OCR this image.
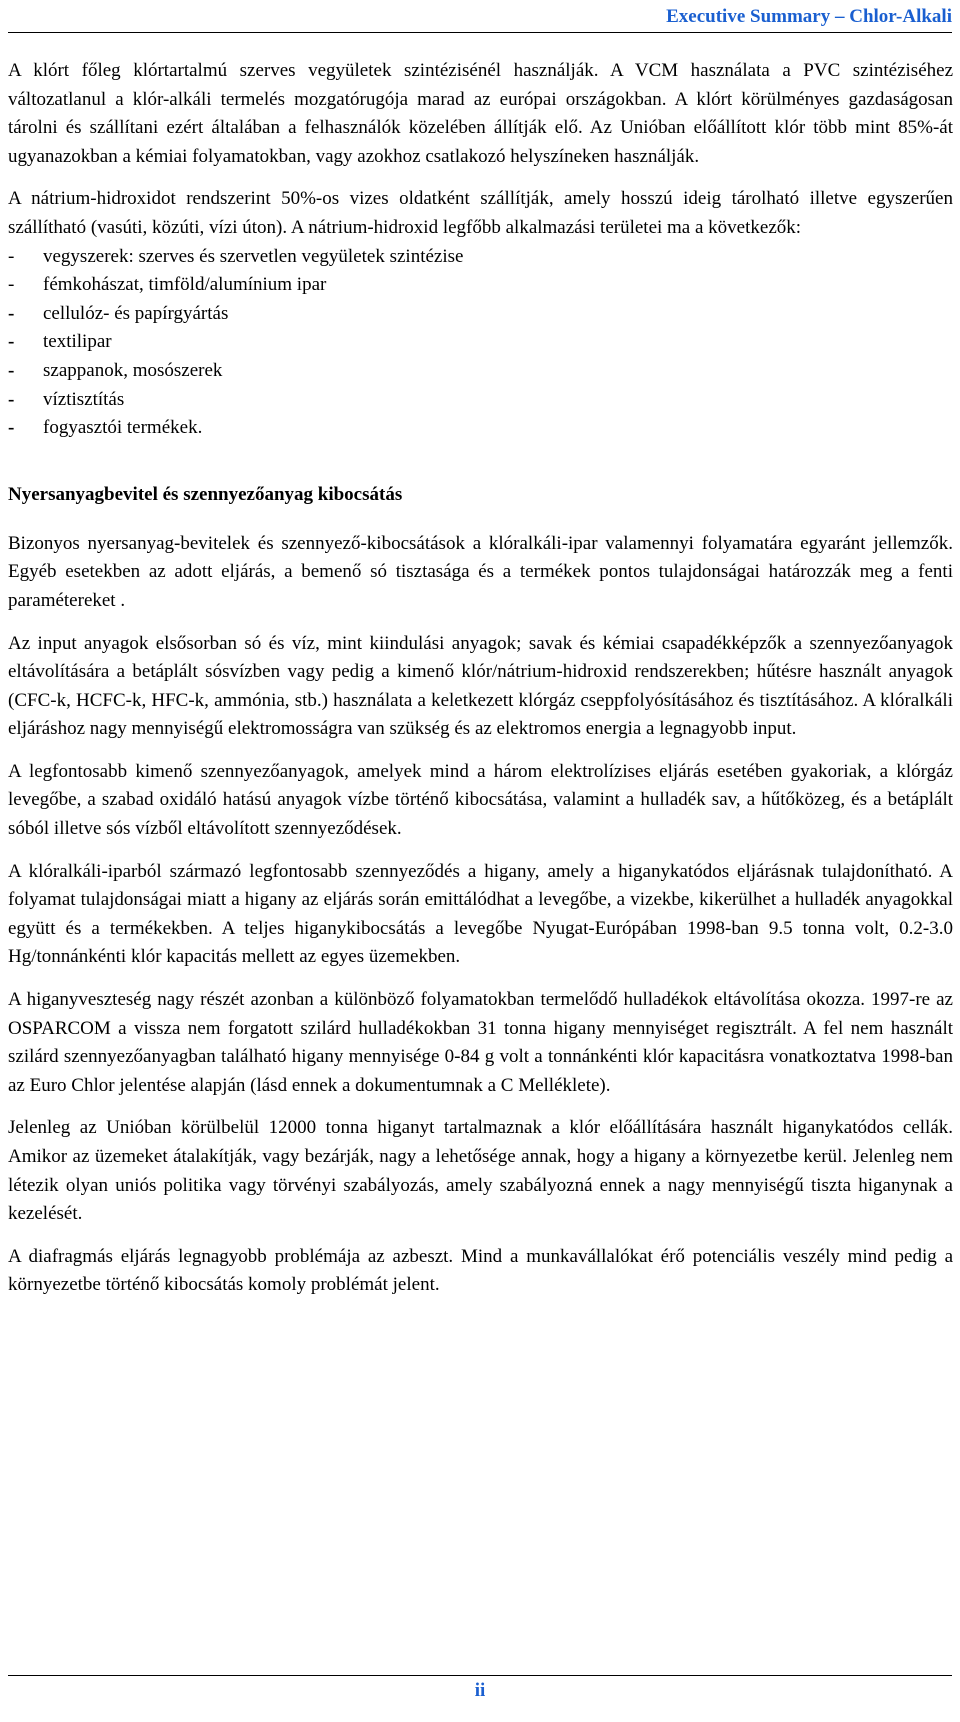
Executive Summary – Chlor-Alkali

A klórt főleg klórtartalmú szerves vegyületek szintézisénél használják. A VCM használata a PVC szintéziséhez változatlanul a klór-alkáli termelés mozgatórugója marad az európai országokban. A klórt körülményes gazdaságosan tárolni és szállítani ezért általában a felhasználók közelében állítják elő. Az Unióban előállított klór több mint 85%-át ugyanazokban a kémiai folyamatokban, vagy azokhoz csatlakozó helyszíneken használják.

A nátrium-hidroxidot rendszerint 50%-os vizes oldatként szállítják, amely hosszú ideig tárolható illetve egyszerűen szállítható (vasúti, közúti, vízi úton). A nátrium-hidroxid legfőbb alkalmazási területei ma a következők:

- vegyszerek: szerves és szervetlen vegyületek szintézise
- fémkohászat, timföld/alumínium ipar
- cellulóz- és papírgyártás
- textilipar
- szappanok, mosószerek
- víztisztítás
- fogyasztói termékek.
Nyersanyagbevitel és szennyezőanyag kibocsátás

Bizonyos nyersanyag-bevitelek és szennyező-kibocsátások a klóralkáli-ipar valamennyi folyamatára egyaránt jellemzők. Egyéb esetekben az adott eljárás, a bemenő só tisztasága és a termékek pontos tulajdonságai határozzák meg a fenti paramétereket .

Az input anyagok elsősorban só és víz, mint kiindulási anyagok; savak és kémiai csapadékképzők a szennyezőanyagok eltávolítására a betáplált sósvízben vagy pedig a kimenő klór/nátrium-hidroxid rendszerekben; hűtésre használt anyagok (CFC-k, HCFC-k, HFC-k, ammónia, stb.) használata a keletkezett klórgáz cseppfolyósításához és tisztításához. A klóralkáli eljáráshoz nagy mennyiségű elektromosságra van szükség és az elektromos energia a legnagyobb input.

A legfontosabb kimenő szennyezőanyagok, amelyek mind a három elektrolízises eljárás esetében gyakoriak, a klórgáz levegőbe, a szabad oxidáló hatású anyagok vízbe történő kibocsátása, valamint a hulladék sav, a hűtőközeg, és a betáplált sóból illetve sós vízből eltávolított szennyeződések.

A klóralkáli-iparból származó legfontosabb szennyeződés a higany, amely a higanykatódos eljárásnak tulajdonítható. A folyamat tulajdonságai miatt a higany az eljárás során emittálódhat a levegőbe, a vizekbe, kikerülhet a hulladék anyagokkal együtt és a termékekben. A teljes higanykibocsátás a levegőbe Nyugat-Európában 1998-ban 9.5 tonna volt, 0.2-3.0 Hg/tonnánkénti klór kapacitás mellett az egyes üzemekben.

A higanyveszteség nagy részét azonban a különböző folyamatokban termelődő hulladékok eltávolítása okozza. 1997-re az OSPARCOM a vissza nem forgatott szilárd hulladékokban 31 tonna higany mennyiséget regisztrált. A fel nem használt szilárd szennyezőanyagban található higany mennyisége 0-84 g volt a tonnánkénti klór kapacitásra vonatkoztatva 1998-ban az Euro Chlor jelentése alapján (lásd ennek a dokumentumnak a C Melléklete).

Jelenleg az Unióban körülbelül 12000 tonna higanyt tartalmaznak a klór előállítására használt higanykatódos cellák. Amikor az üzemeket átalakítják, vagy bezárják, nagy a lehetősége annak, hogy a higany a környezetbe kerül. Jelenleg nem létezik olyan uniós politika vagy törvényi szabályozás, amely szabályozná ennek a nagy mennyiségű tiszta higanynak a kezelését.

A diafragmás eljárás legnagyobb problémája az azbeszt. Mind a munkavállalókat érő potenciális veszély mind pedig a környezetbe történő kibocsátás komoly problémát jelent.

ii
